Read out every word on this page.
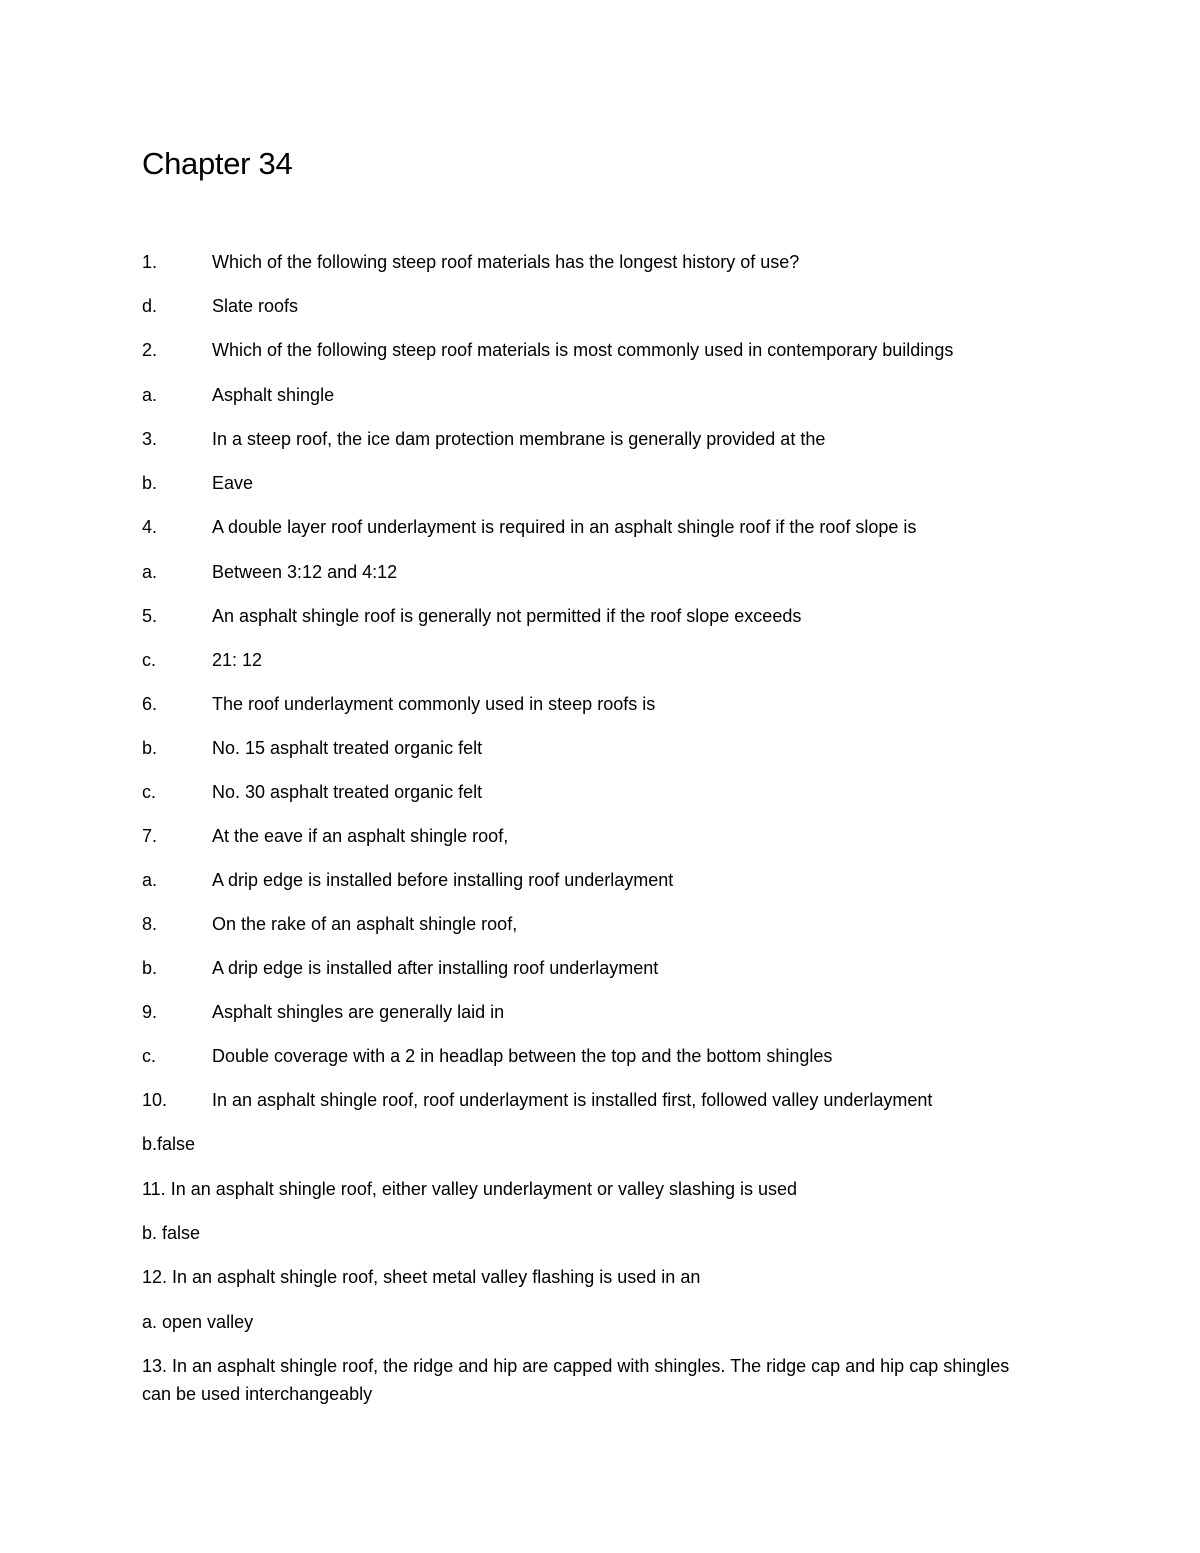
Chapter 34
1.	Which of the following steep roof materials has the longest history of use?
d.	Slate roofs
2.	Which of the following steep roof materials is most commonly used in contemporary buildings
a.	Asphalt shingle
3.	In a steep roof, the ice dam protection membrane is generally provided at the
b.	Eave
4.	A double layer roof underlayment is required in an asphalt shingle roof if the roof slope is
a.	Between 3:12 and 4:12
5.	An asphalt shingle roof is generally not permitted if the roof slope exceeds
c.	21: 12
6.	The roof underlayment commonly used in steep roofs is
b.	No. 15 asphalt treated organic felt
c.	No. 30 asphalt treated organic felt
7.	At the eave if an asphalt shingle roof,
a.	A drip edge is installed before installing roof underlayment
8.	On the rake of an asphalt shingle roof,
b.	A drip edge is installed after installing roof underlayment
9.	Asphalt shingles are generally laid in
c.	Double coverage with a 2 in headlap between the top and the bottom shingles
10. In an asphalt shingle roof, roof underlayment is installed first, followed valley underlayment
b.false
11. In an asphalt shingle roof, either valley underlayment or valley slashing is used
b. false
12. In an asphalt shingle roof, sheet metal valley flashing is used in an
a. open valley
13. In an asphalt shingle roof, the ridge and hip are capped with shingles. The ridge cap and hip cap shingles can be used interchangeably
